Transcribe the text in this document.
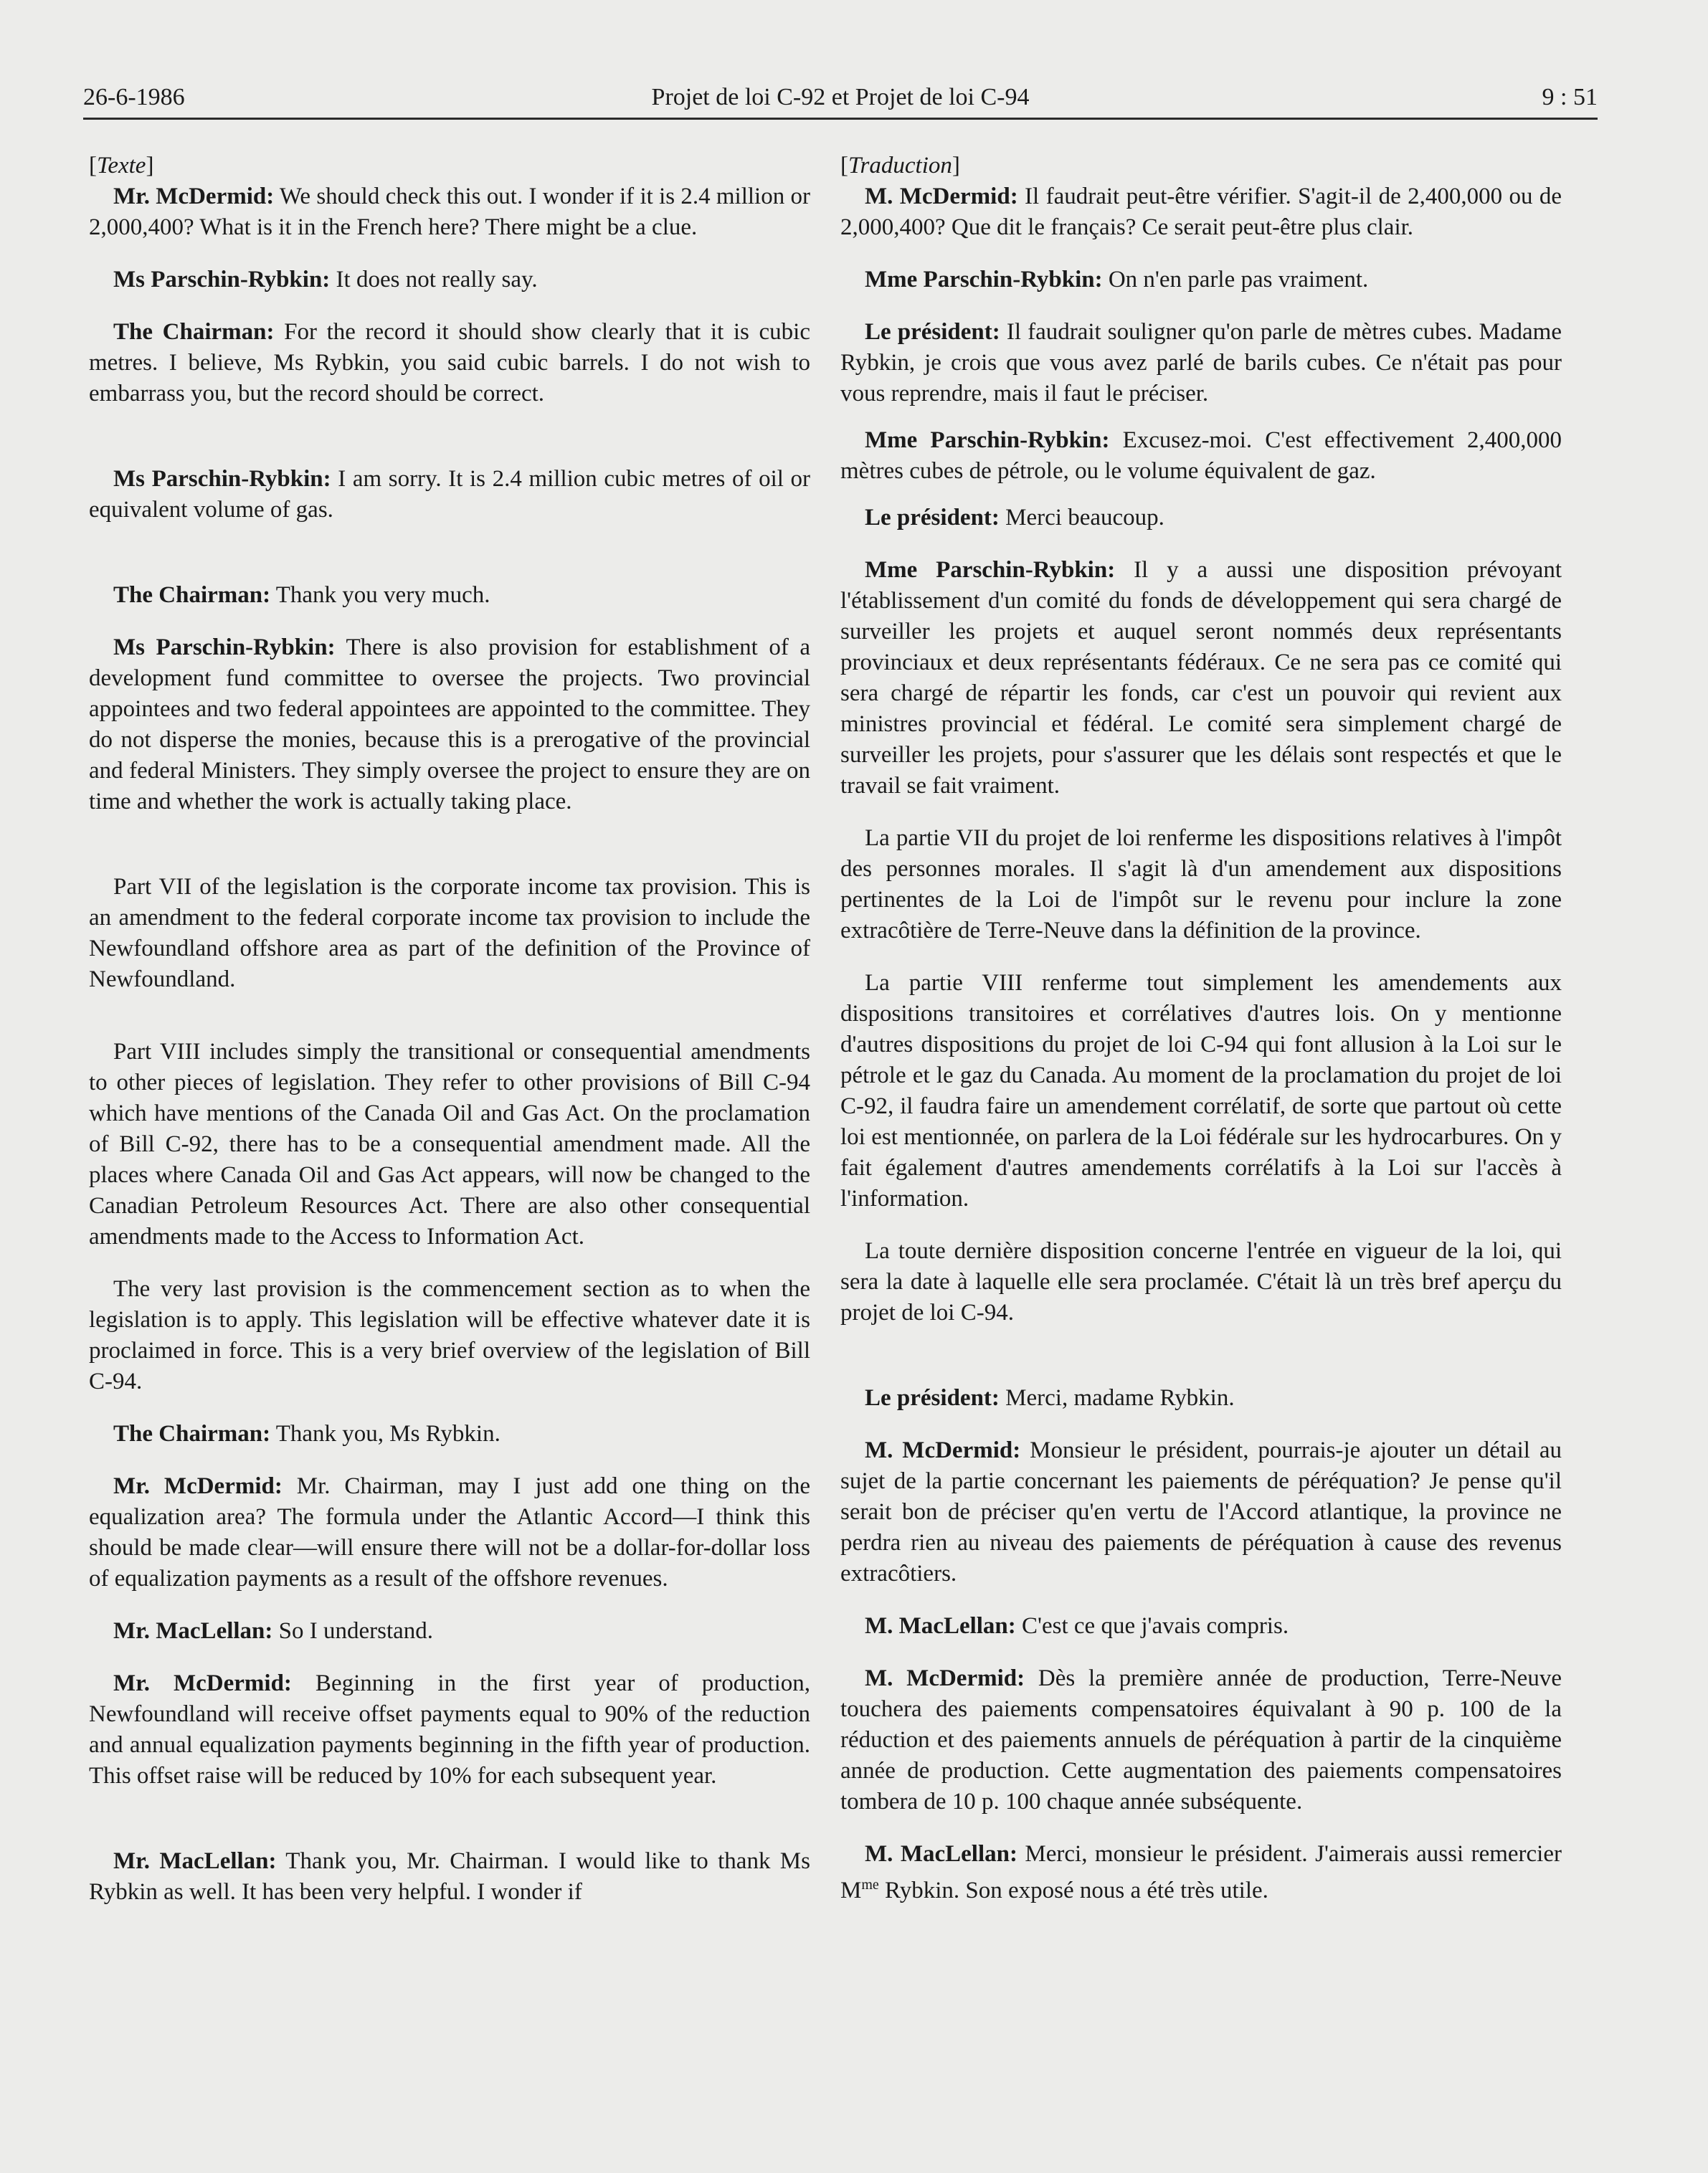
26-6-1986	Projet de loi C-92 et Projet de loi C-94	9 : 51

[Texte]

Mr. McDermid: We should check this out. I wonder if it is 2.4 million or 2,000,400? What is it in the French here? There might be a clue.

Ms Parschin-Rybkin: It does not really say.

The Chairman: For the record it should show clearly that it is cubic metres. I believe, Ms Rybkin, you said cubic barrels. I do not wish to embarrass you, but the record should be correct.

Ms Parschin-Rybkin: I am sorry. It is 2.4 million cubic metres of oil or equivalent volume of gas.

The Chairman: Thank you very much.

Ms Parschin-Rybkin: There is also provision for establishment of a development fund committee to oversee the projects. Two provincial appointees and two federal appointees are appointed to the committee. They do not disperse the monies, because this is a prerogative of the provincial and federal Ministers. They simply oversee the project to ensure they are on time and whether the work is actually taking place.

Part VII of the legislation is the corporate income tax provision. This is an amendment to the federal corporate income tax provision to include the Newfoundland offshore area as part of the definition of the Province of Newfoundland.

Part VIII includes simply the transitional or consequential amendments to other pieces of legislation. They refer to other provisions of Bill C-94 which have mentions of the Canada Oil and Gas Act. On the proclamation of Bill C-92, there has to be a consequential amendment made. All the places where Canada Oil and Gas Act appears, will now be changed to the Canadian Petroleum Resources Act. There are also other consequential amendments made to the Access to Information Act.

The very last provision is the commencement section as to when the legislation is to apply. This legislation will be effective whatever date it is proclaimed in force. This is a very brief overview of the legislation of Bill C-94.

The Chairman: Thank you, Ms Rybkin.

Mr. McDermid: Mr. Chairman, may I just add one thing on the equalization area? The formula under the Atlantic Accord—I think this should be made clear—will ensure there will not be a dollar-for-dollar loss of equalization payments as a result of the offshore revenues.

Mr. MacLellan: So I understand.

Mr. McDermid: Beginning in the first year of production, Newfoundland will receive offset payments equal to 90% of the reduction and annual equalization payments beginning in the fifth year of production. This offset raise will be reduced by 10% for each subsequent year.

Mr. MacLellan: Thank you, Mr. Chairman. I would like to thank Ms Rybkin as well. It has been very helpful. I wonder if

[Traduction]

M. McDermid: Il faudrait peut-être vérifier. S'agit-il de 2,400,000 ou de 2,000,400? Que dit le français? Ce serait peut-être plus clair.

Mme Parschin-Rybkin: On n'en parle pas vraiment.

Le président: Il faudrait souligner qu'on parle de mètres cubes. Madame Rybkin, je crois que vous avez parlé de barils cubes. Ce n'était pas pour vous reprendre, mais il faut le préciser.

Mme Parschin-Rybkin: Excusez-moi. C'est effectivement 2,400,000 mètres cubes de pétrole, ou le volume équivalent de gaz.

Le président: Merci beaucoup.

Mme Parschin-Rybkin: Il y a aussi une disposition prévoyant l'établissement d'un comité du fonds de développement qui sera chargé de surveiller les projets et auquel seront nommés deux représentants provinciaux et deux représentants fédéraux. Ce ne sera pas ce comité qui sera chargé de répartir les fonds, car c'est un pouvoir qui revient aux ministres provincial et fédéral. Le comité sera simplement chargé de surveiller les projets, pour s'assurer que les délais sont respectés et que le travail se fait vraiment.

La partie VII du projet de loi renferme les dispositions relatives à l'impôt des personnes morales. Il s'agit là d'un amendement aux dispositions pertinentes de la Loi de l'impôt sur le revenu pour inclure la zone extracôtière de Terre-Neuve dans la définition de la province.

La partie VIII renferme tout simplement les amendements aux dispositions transitoires et corrélatives d'autres lois. On y mentionne d'autres dispositions du projet de loi C-94 qui font allusion à la Loi sur le pétrole et le gaz du Canada. Au moment de la proclamation du projet de loi C-92, il faudra faire un amendement corrélatif, de sorte que partout où cette loi est mentionnée, on parlera de la Loi fédérale sur les hydrocarbures. On y fait également d'autres amendements corrélatifs à la Loi sur l'accès à l'information.

La toute dernière disposition concerne l'entrée en vigueur de la loi, qui sera la date à laquelle elle sera proclamée. C'était là un très bref aperçu du projet de loi C-94.

Le président: Merci, madame Rybkin.

M. McDermid: Monsieur le président, pourrais-je ajouter un détail au sujet de la partie concernant les paiements de péréquation? Je pense qu'il serait bon de préciser qu'en vertu de l'Accord atlantique, la province ne perdra rien au niveau des paiements de péréquation à cause des revenus extracôtiers.

M. MacLellan: C'est ce que j'avais compris.

M. McDermid: Dès la première année de production, Terre-Neuve touchera des paiements compensatoires équivalant à 90 p. 100 de la réduction et des paiements annuels de péréquation à partir de la cinquième année de production. Cette augmentation des paiements compensatoires tombera de 10 p. 100 chaque année subséquente.

M. MacLellan: Merci, monsieur le président. J'aimerais aussi remercier $M^{me}$ Rybkin. Son exposé nous a été très utile.
